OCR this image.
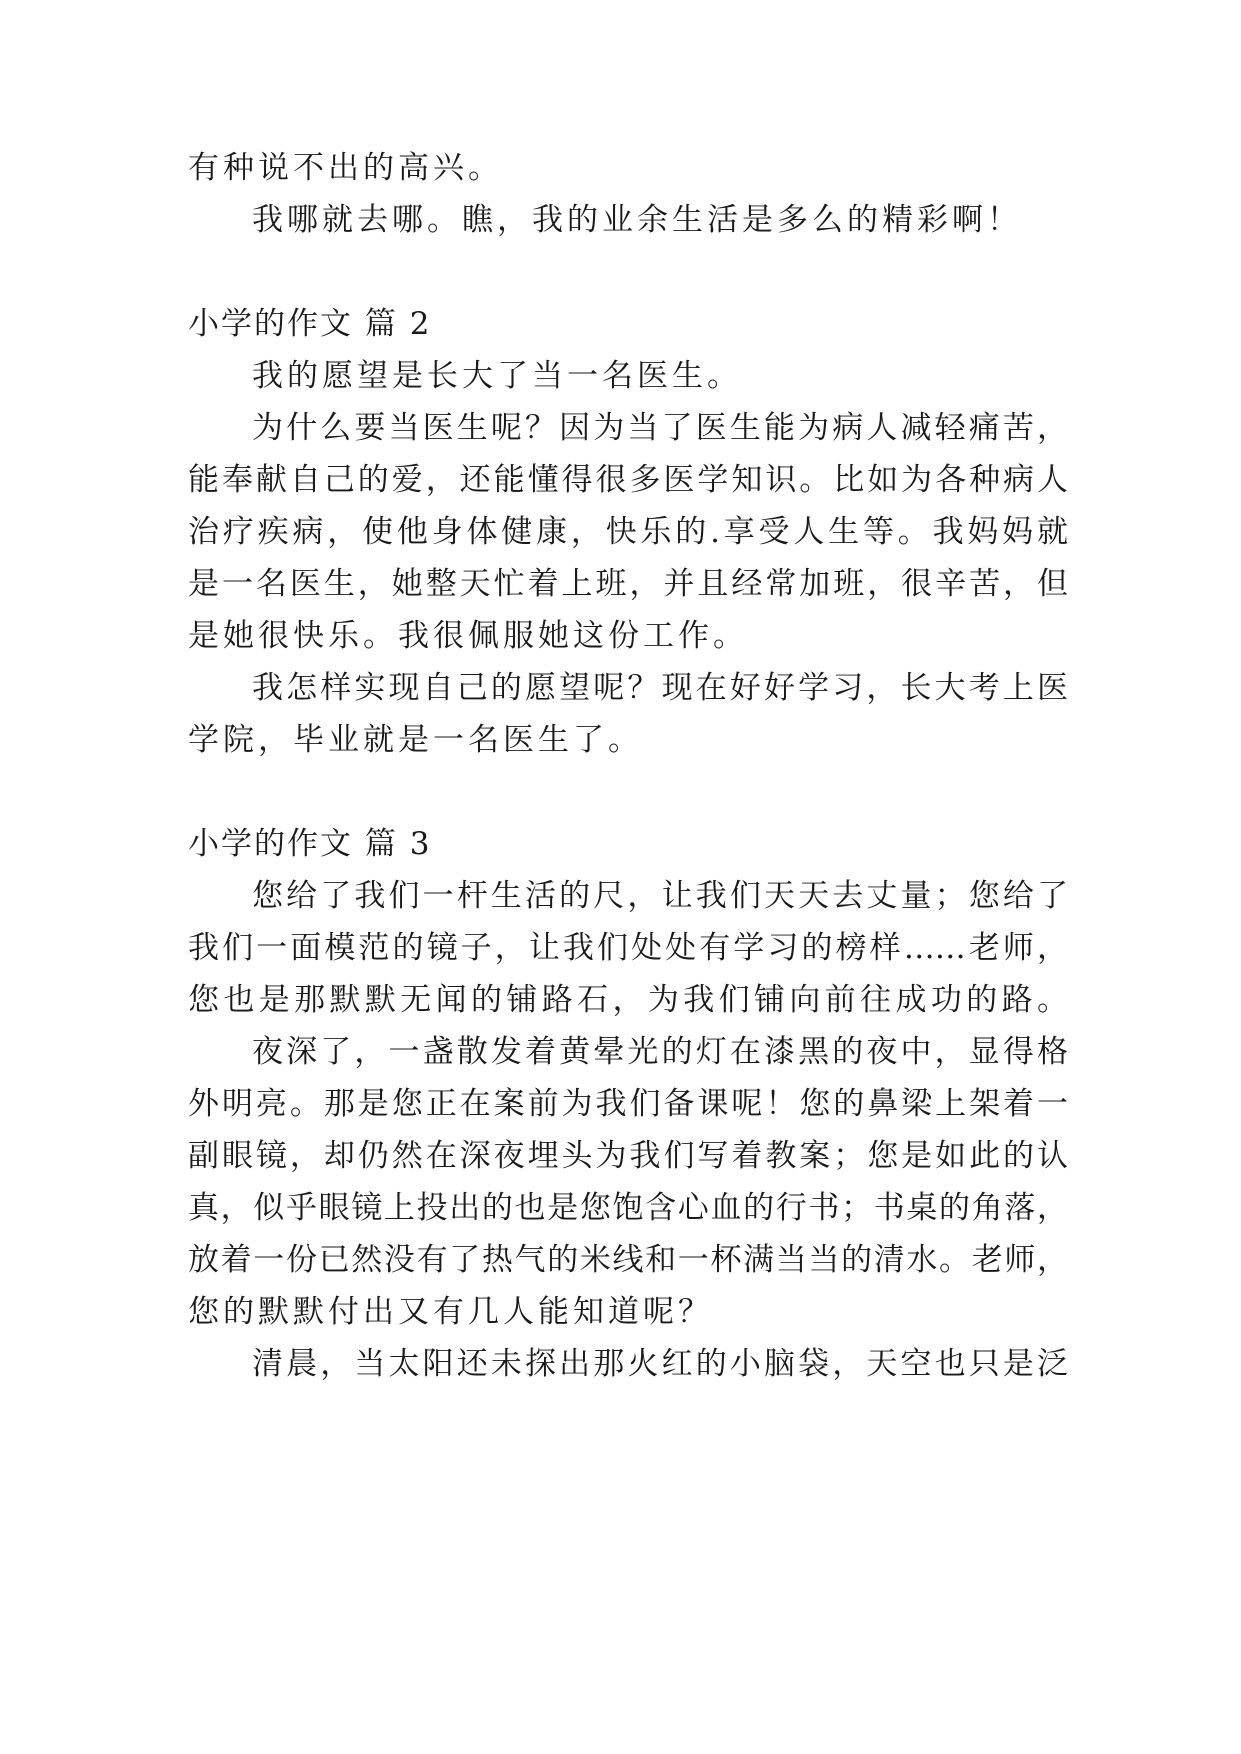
有种说不出的高兴。
我哪就去哪。瞧，我的业余生活是多么的精彩啊！
小学的作文 篇 2
我的愿望是长大了当一名医生。
为什么要当医生呢？因为当了医生能为病人减轻痛苦，
能奉献自己的爱，还能懂得很多医学知识。比如为各种病人
治疗疾病，使他身体健康，快乐的.享受人生等。我妈妈就
是一名医生，她整天忙着上班，并且经常加班，很辛苦，但
是她很快乐。我很佩服她这份工作。
我怎样实现自己的愿望呢？现在好好学习，长大考上医
学院，毕业就是一名医生了。
小学的作文 篇 3
您给了我们一杆生活的尺，让我们天天去丈量；您给了
我们一面模范的镜子，让我们处处有学习的榜样……老师，
您也是那默默无闻的铺路石，为我们铺向前往成功的路。
夜深了，一盏散发着黄晕光的灯在漆黑的夜中，显得格
外明亮。那是您正在案前为我们备课呢！您的鼻梁上架着一
副眼镜，却仍然在深夜埋头为我们写着教案；您是如此的认
真，似乎眼镜上投出的也是您饱含心血的行书；书桌的角落，
放着一份已然没有了热气的米线和一杯满当当的清水。老师，
您的默默付出又有几人能知道呢？
清晨，当太阳还未探出那火红的小脑袋，天空也只是泛
